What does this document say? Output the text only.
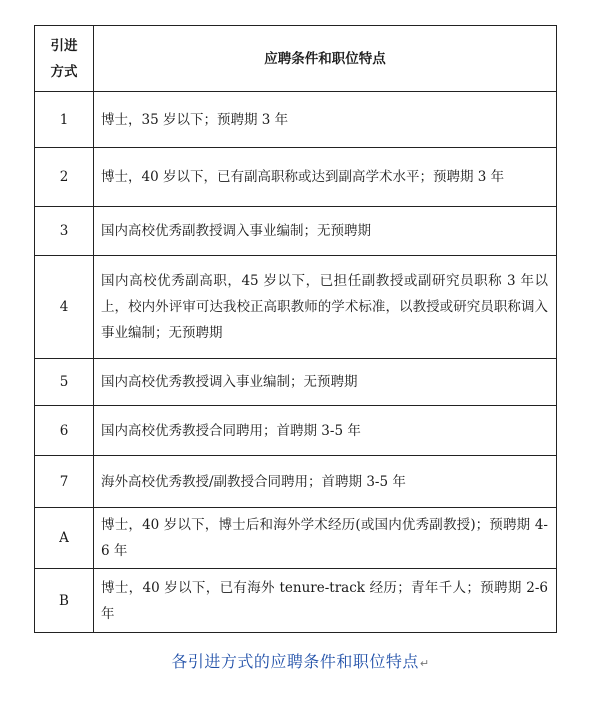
引进
方式	应聘条件和职位特点
1	博士，35 岁以下；预聘期 3 年
2	博士，40 岁以下，已有副高职称或达到副高学术水平；预聘期 3 年
3	国内高校优秀副教授调入事业编制；无预聘期
4	国内高校优秀副高职，45 岁以下，已担任副教授或副研究员职称 3 年以上，校内外评审可达我校正高职教师的学术标准，以教授或研究员职称调入事业编制；无预聘期
5	国内高校优秀教授调入事业编制；无预聘期
6	国内高校优秀教授合同聘用；首聘期 3-5 年
7	海外高校优秀教授/副教授合同聘用；首聘期 3-5 年
A	博士，40 岁以下，博士后和海外学术经历(或国内优秀副教授)；预聘期 4-6 年
B	博士，40 岁以下，已有海外 tenure-track 经历；青年千人；预聘期 2-6 年
各引进方式的应聘条件和职位特点↵
